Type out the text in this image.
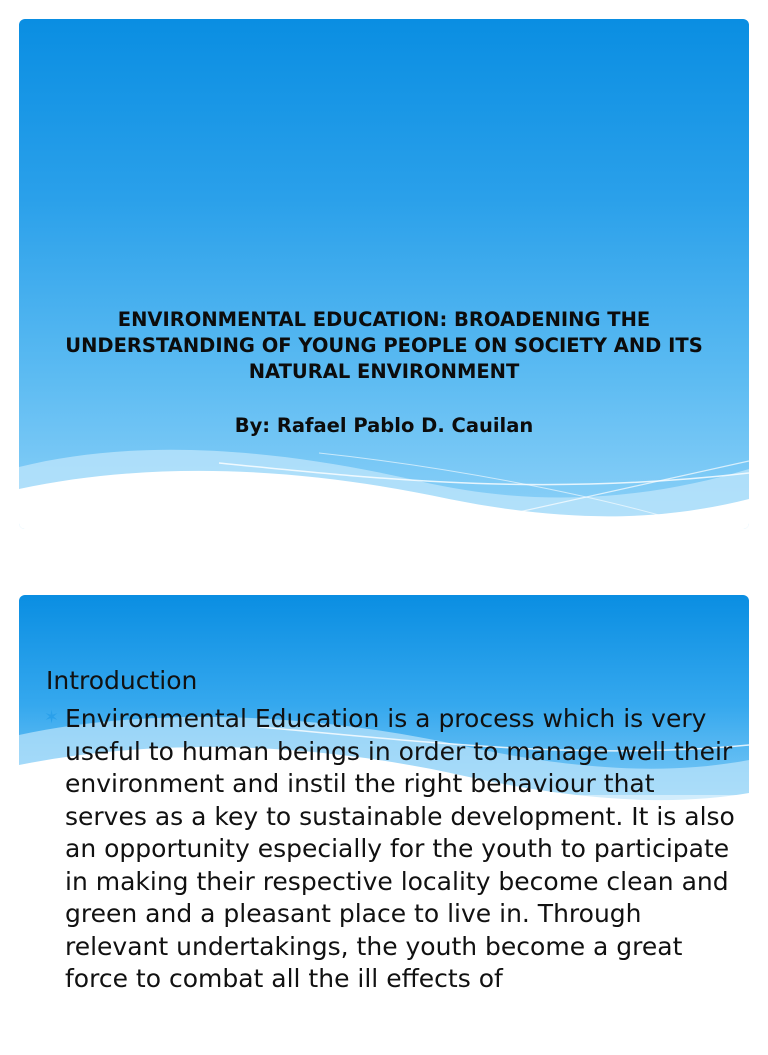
ENVIRONMENTAL EDUCATION: BROADENING THE UNDERSTANDING OF YOUNG PEOPLE ON SOCIETY AND ITS NATURAL ENVIRONMENT
By: Rafael Pablo D. Cauilan
Introduction
✶ Environmental Education is a process which is very useful to human beings in order to manage well their environment and instil the right behaviour that serves as a key to sustainable development. It is also an opportunity especially for the youth to participate in making their respective locality become clean and green and a pleasant place to live in. Through relevant undertakings, the youth become a great force to combat all the ill effects of
